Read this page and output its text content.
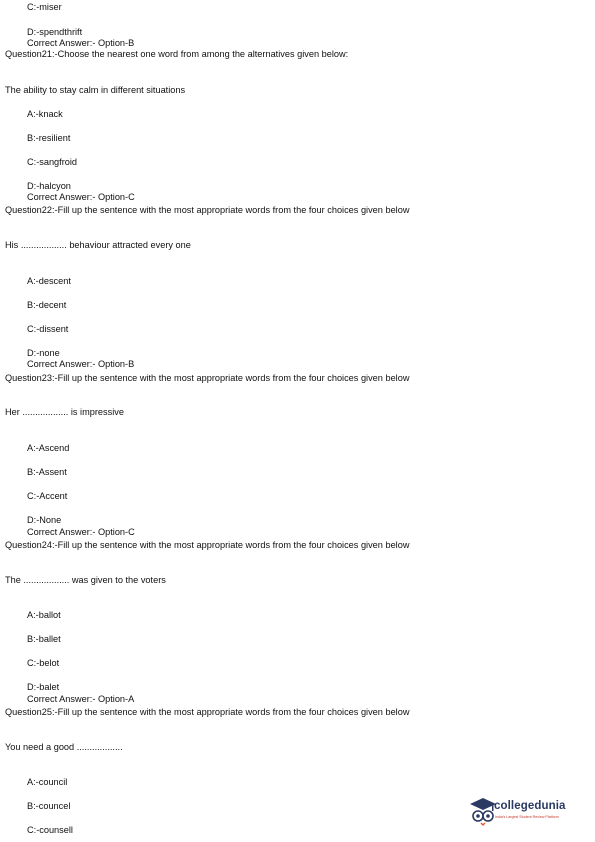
C:-miser
D:-spendthrift
Correct Answer:- Option-B
Question21:-Choose the nearest one word from among the alternatives given below:
The ability to stay calm in different situations
A:-knack
B:-resilient
C:-sangfroid
D:-halcyon
Correct Answer:- Option-C
Question22:-Fill up the sentence with the most appropriate words from the four choices given below
His .................. behaviour attracted every one
A:-descent
B:-decent
C:-dissent
D:-none
Correct Answer:- Option-B
Question23:-Fill up the sentence with the most appropriate words from the four choices given below
Her .................. is impressive
A:-Ascend
B:-Assent
C:-Accent
D:-None
Correct Answer:- Option-C
Question24:-Fill up the sentence with the most appropriate words from the four choices given below
The .................. was given to the voters
A:-ballot
B:-ballet
C:-belot
D:-balet
Correct Answer:- Option-A
Question25:-Fill up the sentence with the most appropriate words from the four choices given below
You need a good ..................
A:-council
B:-councel
C:-counsell
collegedunia
India's Largest Student Review Platform
